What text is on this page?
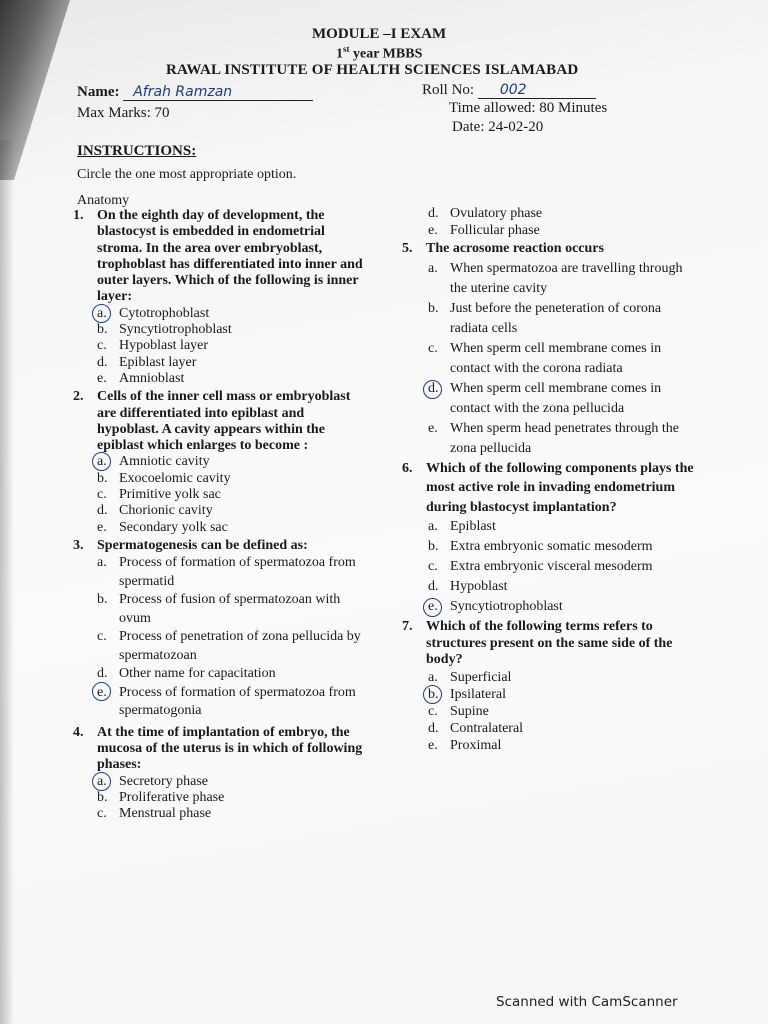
MODULE –I EXAM
1st year MBBS
RAWAL INSTITUTE OF HEALTH SCIENCES ISLAMABAD
Name: Afrah Ramzan	Roll No: 002
Max Marks: 70	Time allowed: 80 Minutes
Date: 24-02-20
INSTRUCTIONS:
Circle the one most appropriate option.
Anatomy
1. On the eighth day of development, the blastocyst is embedded in endometrial stroma. In the area over embryoblast, trophoblast has differentiated into inner and outer layers. Which of the following is inner layer:
a. Cytotrophoblast
b. Syncytiotrophoblast
c. Hypoblast layer
d. Epiblast layer
e. Amnioblast
2. Cells of the inner cell mass or embryoblast are differentiated into epiblast and hypoblast. A cavity appears within the epiblast which enlarges to become :
a. Amniotic cavity
b. Exocoelomic cavity
c. Primitive yolk sac
d. Chorionic cavity
e. Secondary yolk sac
3. Spermatogenesis can be defined as:
a. Process of formation of spermatozoa from spermatid
b. Process of fusion of spermatozoan with ovum
c. Process of penetration of zona pellucida by spermatozoan
d. Other name for capacitation
e. Process of formation of spermatozoa from spermatogonia
4. At the time of implantation of embryo, the mucosa of the uterus is in which of following phases:
a. Secretory phase
b. Proliferative phase
c. Menstrual phase
d. Ovulatory phase
e. Follicular phase
5. The acrosome reaction occurs
a. When spermatozoa are travelling through the uterine cavity
b. Just before the peneteration of corona radiata cells
c. When sperm cell membrane comes in contact with the corona radiata
d. When sperm cell membrane comes in contact with the zona pellucida
e. When sperm head penetrates through the zona pellucida
6. Which of the following components plays the most active role in invading endometrium during blastocyst implantation?
a. Epiblast
b. Extra embryonic somatic mesoderm
c. Extra embryonic visceral mesoderm
d. Hypoblast
e. Syncytiotrophoblast
7. Which of the following terms refers to structures present on the same side of the body?
a. Superficial
b. Ipsilateral
c. Supine
d. Contralateral
e. Proximal
Scanned with CamScanner
